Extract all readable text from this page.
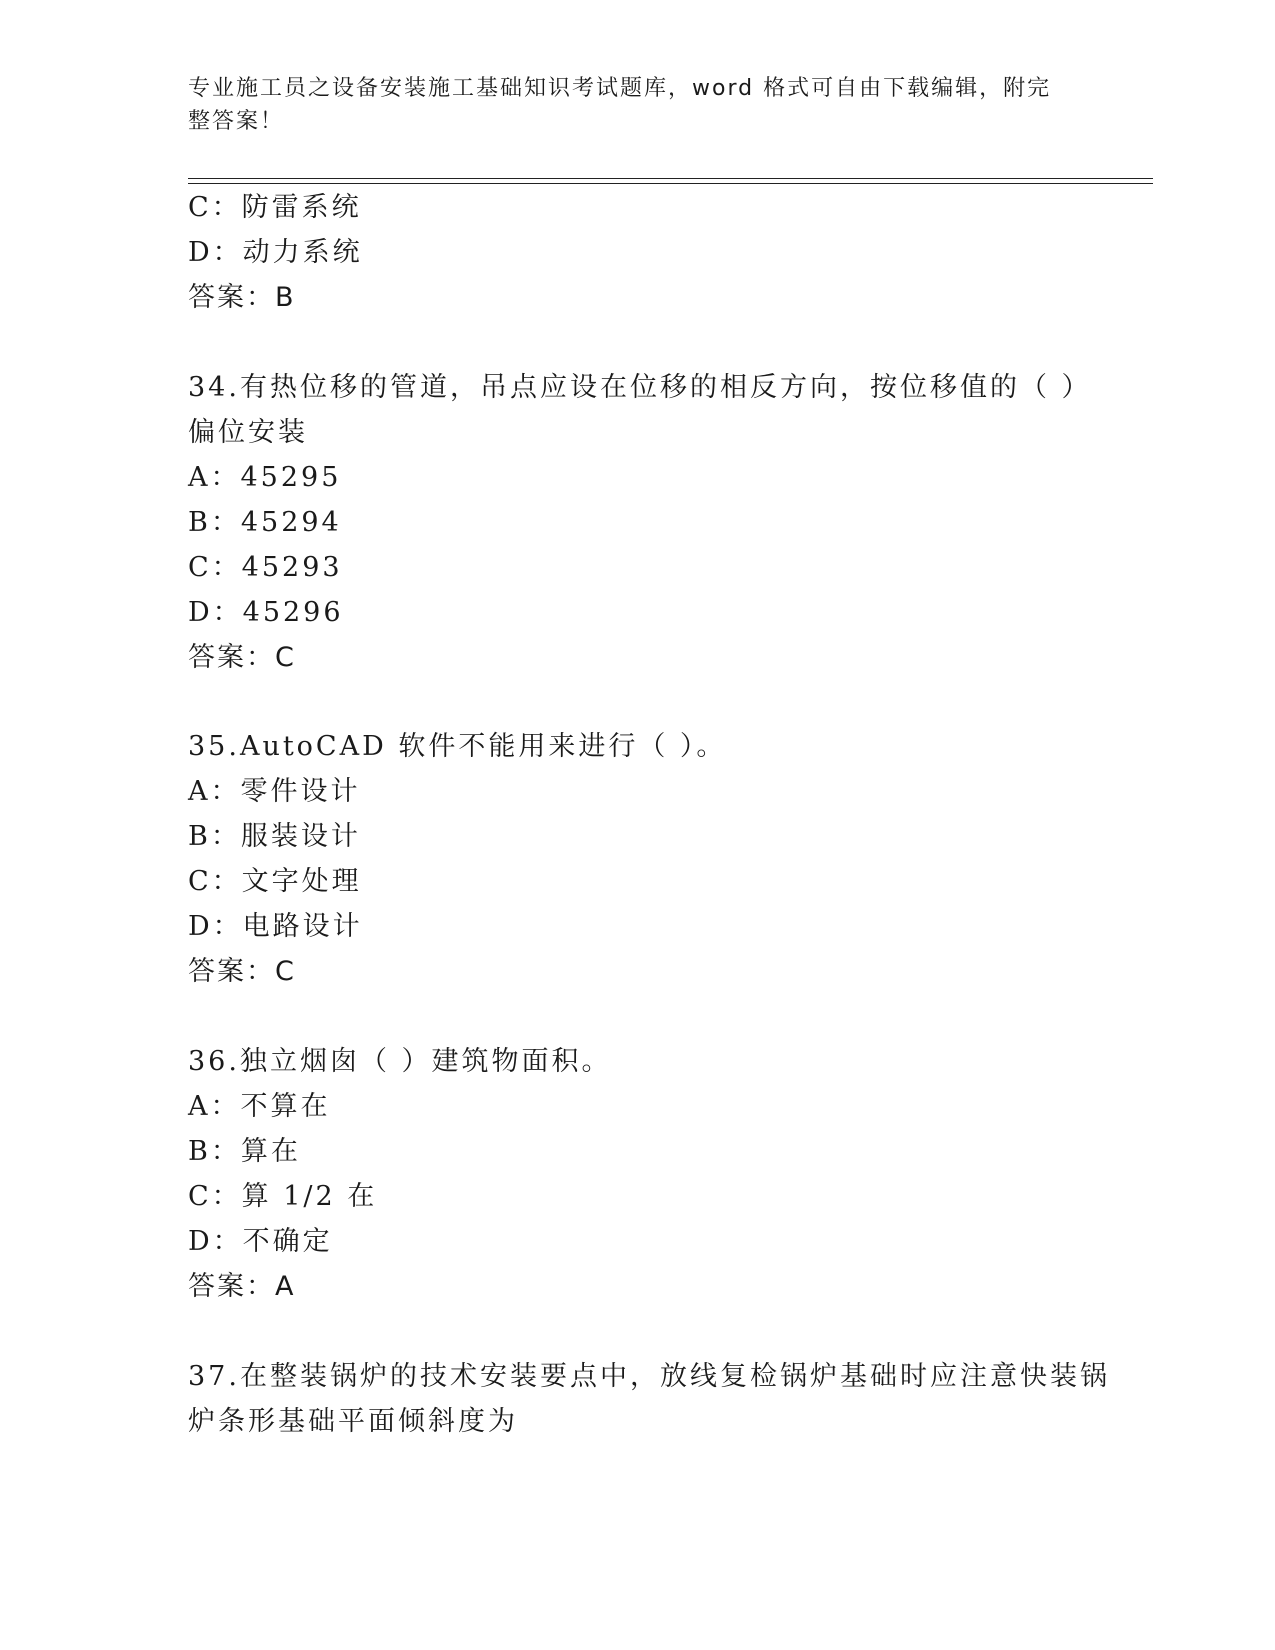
专业施工员之设备安装施工基础知识考试题库，word 格式可自由下载编辑，附完
整答案！
C：防雷系统
D：动力系统
答案：B
34.有热位移的管道，吊点应设在位移的相反方向，按位移值的（ ）
偏位安装
A：45295
B：45294
C：45293
D：45296
答案：C
35.AutoCAD 软件不能用来进行（ ）。
A：零件设计
B：服装设计
C：文字处理
D：电路设计
答案：C
36.独立烟囱（ ）建筑物面积。
A：不算在
B：算在
C：算 1/2 在
D：不确定
答案：A
37.在整装锅炉的技术安装要点中，放线复检锅炉基础时应注意快装锅
炉条形基础平面倾斜度为
